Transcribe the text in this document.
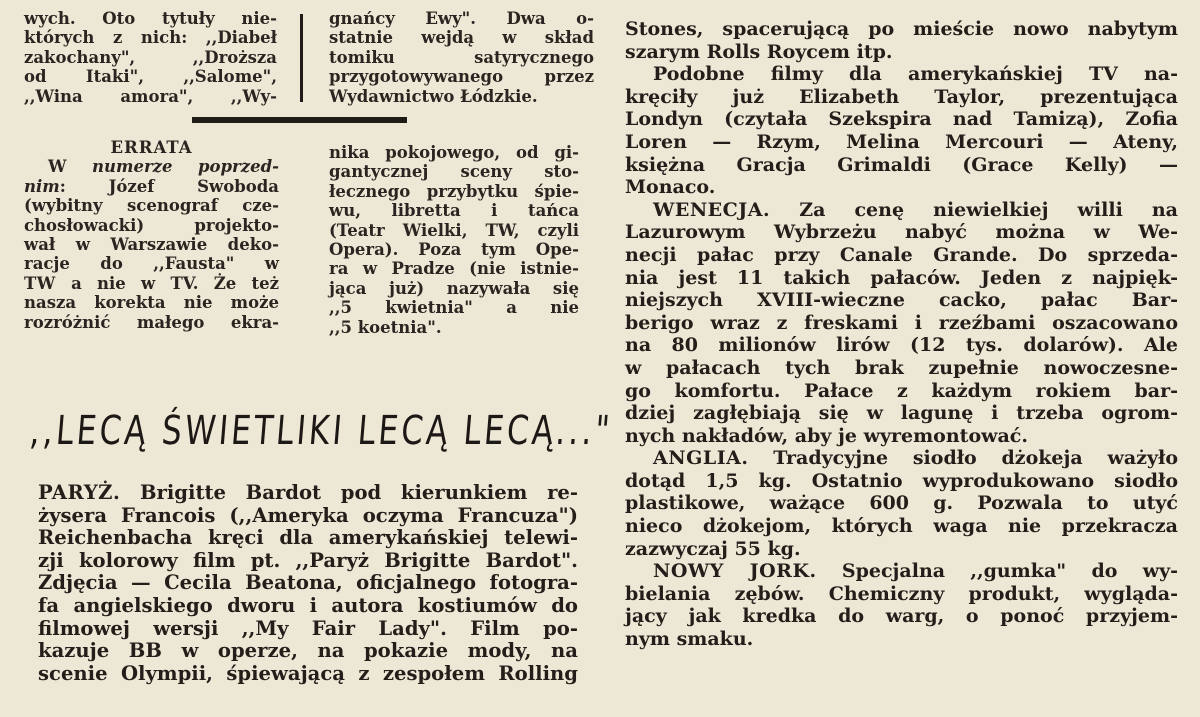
wych. Oto tytuły nie-
których z nich: ,,Diabeł
zakochany", ,,Droższa
od Itaki", ,,Salome",
,,Wina amora", ,,Wy-
gnańcy Ewy". Dwa o-
statnie wejdą w skład
tomiku satyrycznego
przygotowywanego przez
Wydawnictwo Łódzkie.
ERRATA
W numerze poprzed-
nim: Józef Swoboda
(wybitny scenograf cze-
chosłowacki) projekto-
wał w Warszawie deko-
racje do ,,Fausta" w
TW a nie w TV. Że też
nasza korekta nie może
rozróżnić małego ekra-
nika pokojowego, od gi-
gantycznej sceny sto-
łecznego przybytku śpie-
wu, libretta i tańca
(Teatr Wielki, TW, czyli
Opera). Poza tym Ope-
ra w Pradze (nie istnie-
jąca już) nazywała się
,,5 kwietnia" a nie
,,5 koetnia".
,,LECĄ ŚWIETLIKI LECĄ LECĄ..."
PARYŻ. Brigitte Bardot pod kierunkiem re-
żysera Francois (,,Ameryka oczyma Francuza")
Reichenbacha kręci dla amerykańskiej telewi-
zji kolorowy film pt. ,,Paryż Brigitte Bardot".
Zdjęcia — Cecila Beatona, oficjalnego fotogra-
fa angielskiego dworu i autora kostiumów do
filmowej wersji ,,My Fair Lady". Film po-
kazuje BB w operze, na pokazie mody, na
scenie Olympii, śpiewającą z zespołem Rolling
Stones, spacerującą po mieście nowo nabytym
szarym Rolls Roycem itp.
Podobne filmy dla amerykańskiej TV na-
kręciły już Elizabeth Taylor, prezentująca
Londyn (czytała Szekspira nad Tamizą), Zofia
Loren — Rzym, Melina Mercouri — Ateny,
księżna Gracja Grimaldi (Grace Kelly) —
Monaco.
WENECJA. Za cenę niewielkiej willi na
Lazurowym Wybrzeżu nabyć można w We-
necji pałac przy Canale Grande. Do sprzeda-
nia jest 11 takich pałaców. Jeden z najpięk-
niejszych XVIII-wieczne cacko, pałac Bar-
berigo wraz z freskami i rzeźbami oszacowano
na 80 milionów lirów (12 tys. dolarów). Ale
w pałacach tych brak zupełnie nowoczesne-
go komfortu. Pałace z każdym rokiem bar-
dziej zagłębiają się w lagunę i trzeba ogrom-
nych nakładów, aby je wyremontować.
ANGLIA. Tradycyjne siodło dżokeja ważyło
dotąd 1,5 kg. Ostatnio wyprodukowano siodło
plastikowe, ważące 600 g. Pozwala to utyć
nieco dżokejom, których waga nie przekracza
zazwyczaj 55 kg.
NOWY JORK. Specjalna ,,gumka" do wy-
bielania zębów. Chemiczny produkt, wygląda-
jący jak kredka do warg, o ponoć przyjem-
nym smaku.
